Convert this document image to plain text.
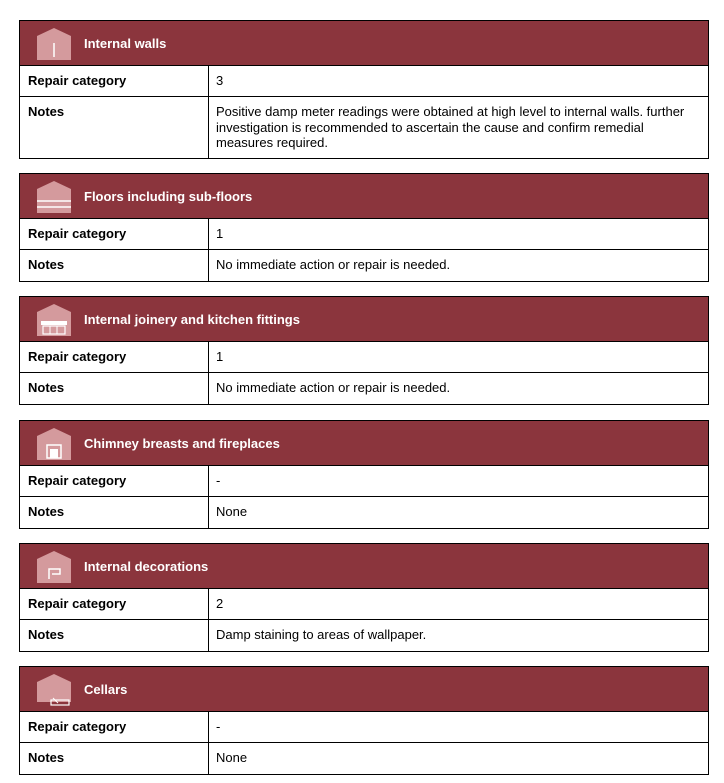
Internal walls
Repair category	3
Notes	Positive damp meter readings were obtained at high level to internal walls. further investigation is recommended to ascertain the cause and confirm remedial measures required.
Floors including sub-floors
Repair category	1
Notes	No immediate action or repair is needed.
Internal joinery and kitchen fittings
Repair category	1
Notes	No immediate action or repair is needed.
Chimney breasts and fireplaces
Repair category	-
Notes	None
Internal decorations
Repair category	2
Notes	Damp staining to areas of wallpaper.
Cellars
Repair category	-
Notes	None
